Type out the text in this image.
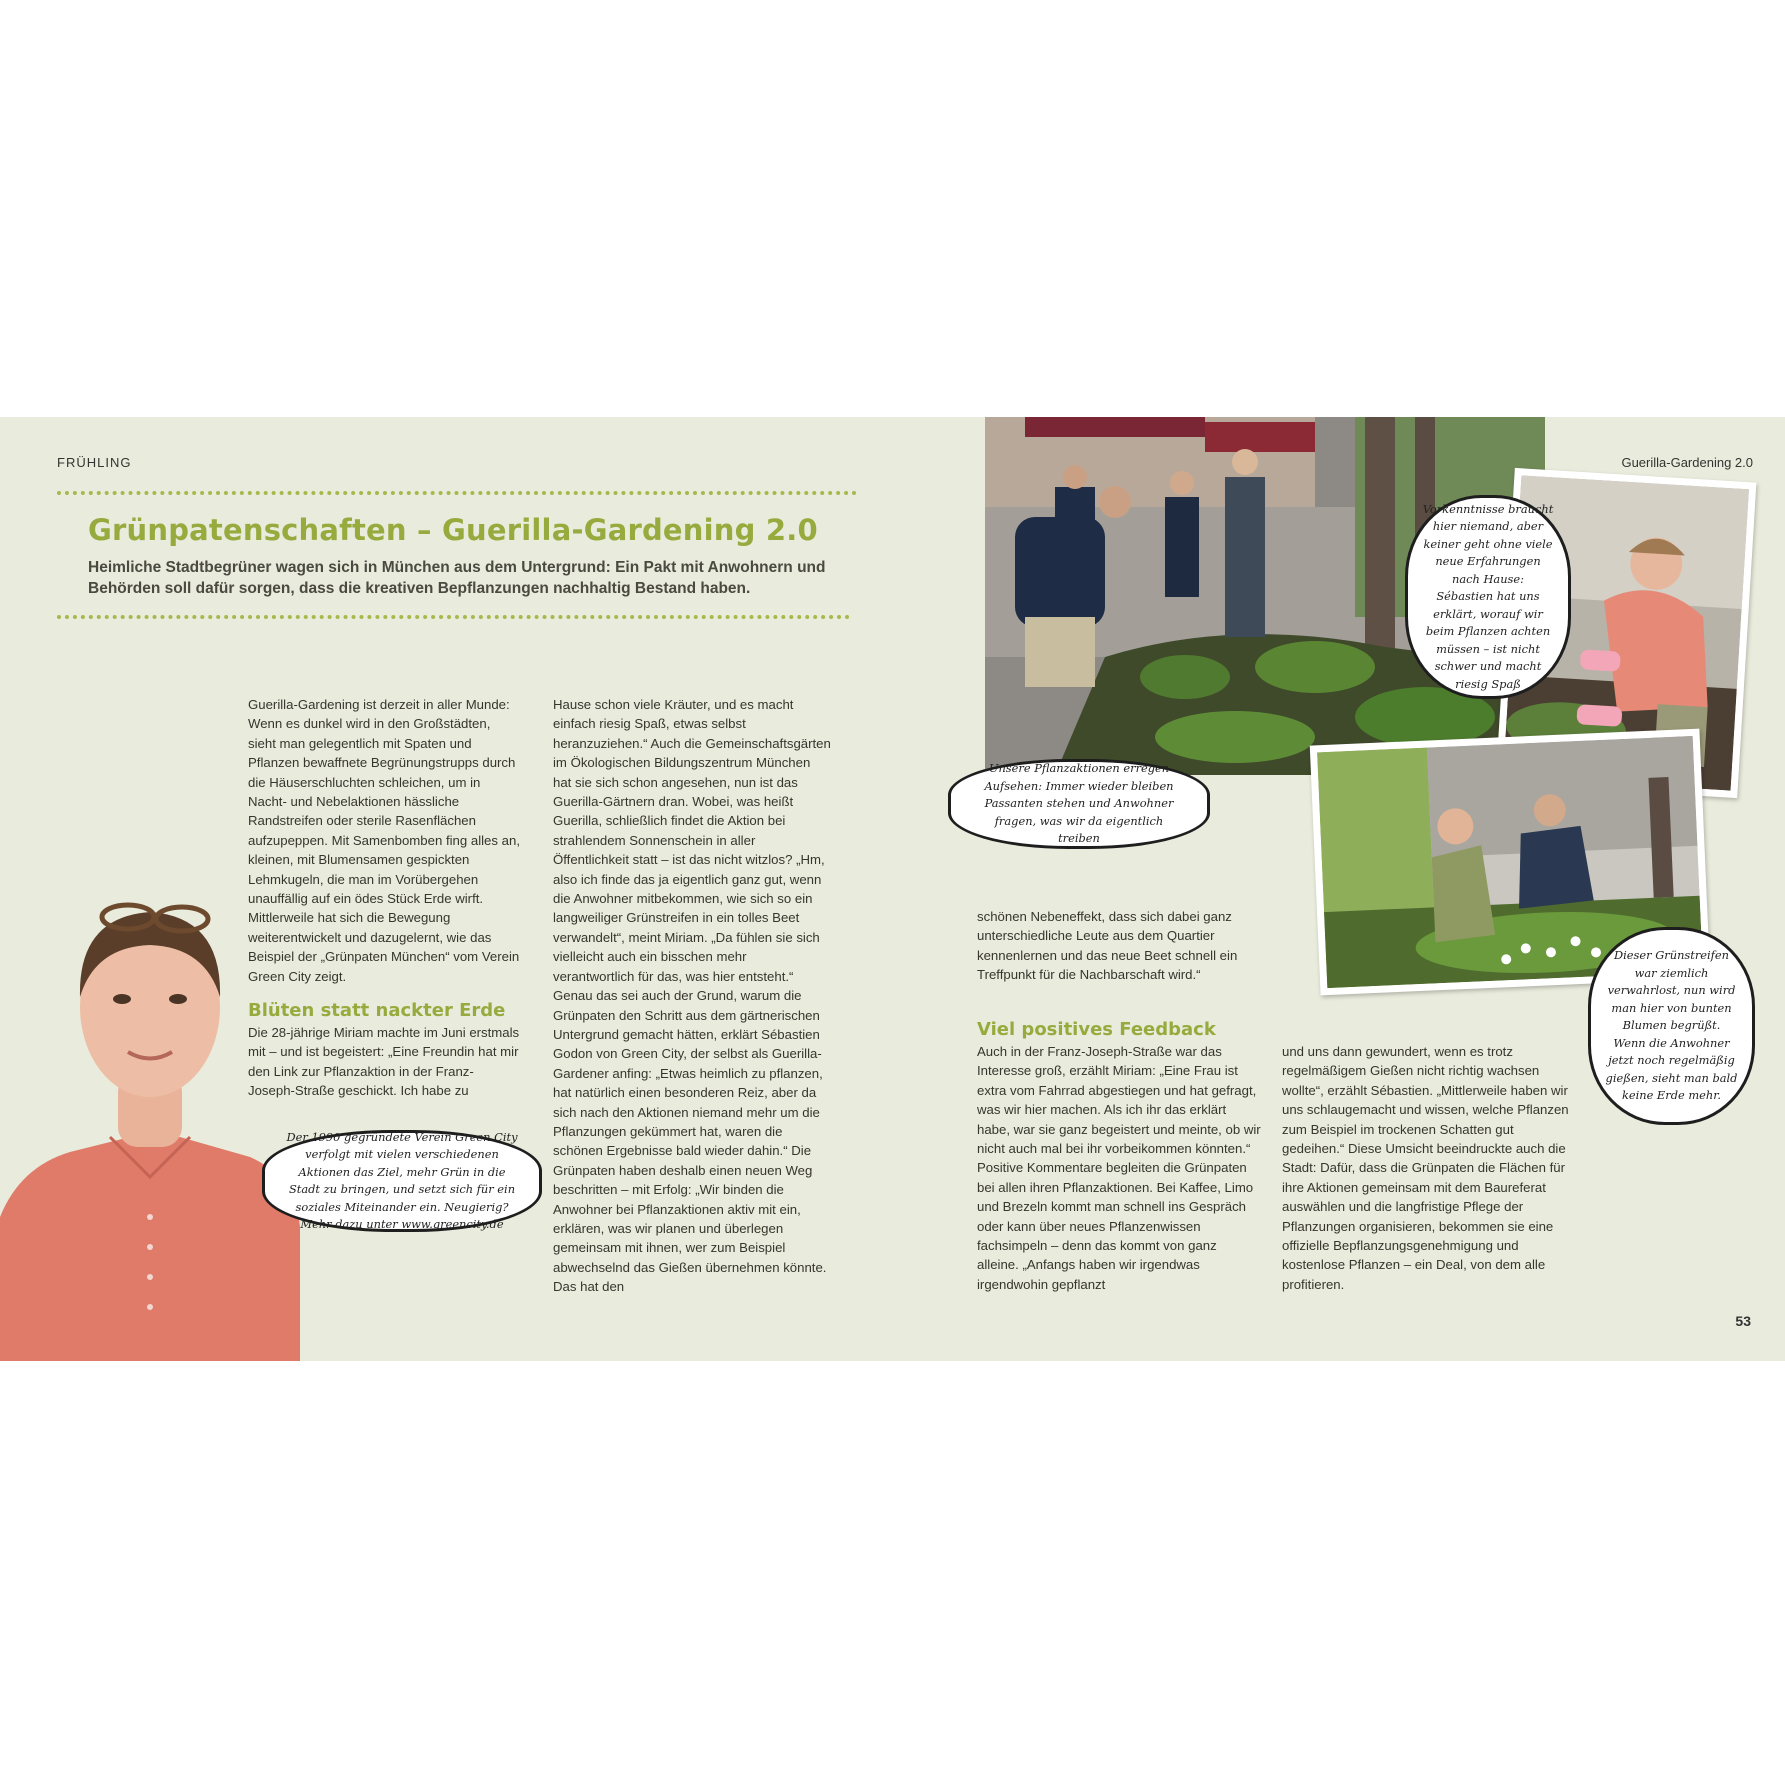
FRÜHLING	Guerilla-Gardening 2.0
Grünpatenschaften – Guerilla-Gardening 2.0
Heimliche Stadtbegrüner wagen sich in München aus dem Untergrund: Ein Pakt mit Anwohnern und Behörden soll dafür sorgen, dass die kreativen Bepflanzungen nachhaltig Bestand haben.

Guerilla-Gardening ist derzeit in aller Munde: Wenn es dunkel wird in den Großstädten, sieht man gelegentlich mit Spaten und Pflanzen bewaffnete Begrünungstrupps durch die Häuserschluchten schleichen, um in Nacht- und Nebelaktionen hässliche Randstreifen oder sterile Rasenflächen aufzupeppen. Mit Samenbomben fing alles an, kleinen, mit Blumensamen gespickten Lehmkugeln, die man im Vorübergehen unauffällig auf ein ödes Stück Erde wirft. Mittlerweile hat sich die Bewegung weiterentwickelt und dazugelernt, wie das Beispiel der „Grünpaten München“ vom Verein Green City zeigt.

Blüten statt nackter Erde

Die 28-jährige Miriam machte im Juni erstmals mit – und ist begeistert: „Eine Freundin hat mir den Link zur Pflanzaktion in der Franz-Joseph-Straße geschickt. Ich habe zu

Hause schon viele Kräuter, und es macht einfach riesig Spaß, etwas selbst heranzuziehen.“ Auch die Gemeinschaftsgärten im Ökologischen Bildungszentrum München hat sie sich schon angesehen, nun ist das Guerilla-Gärtnern dran. Wobei, was heißt Guerilla, schließlich findet die Aktion bei strahlendem Sonnenschein in aller Öffentlichkeit statt – ist das nicht witzlos? „Hm, also ich finde das ja eigentlich ganz gut, wenn die Anwohner mitbekommen, wie sich so ein langweiliger Grünstreifen in ein tolles Beet verwandelt“, meint Miriam. „Da fühlen sie sich vielleicht auch ein bisschen mehr verantwortlich für das, was hier entsteht.“ Genau das sei auch der Grund, warum die Grünpaten den Schritt aus dem gärtnerischen Untergrund gemacht hätten, erklärt Sébastien Godon von Green City, der selbst als Guerilla-Gardener anfing: „Etwas heimlich zu pflanzen, hat natürlich einen besonderen Reiz, aber da sich nach den Aktionen niemand mehr um die Pflanzungen gekümmert hat, waren die schönen Ergebnisse bald wieder dahin.“ Die Grünpaten haben deshalb einen neuen Weg beschritten – mit Erfolg: „Wir binden die Anwohner bei Pflanzaktionen aktiv mit ein, erklären, was wir planen und überlegen gemeinsam mit ihnen, wer zum Beispiel abwechselnd das Gießen übernehmen könnte. Das hat den

schönen Nebeneffekt, dass sich dabei ganz unterschiedliche Leute aus dem Quartier kennenlernen und das neue Beet schnell ein Treffpunkt für die Nachbarschaft wird.“

Viel positives Feedback

Auch in der Franz-Joseph-Straße war das Interesse groß, erzählt Miriam: „Eine Frau ist extra vom Fahrrad abgestiegen und hat gefragt, was wir hier machen. Als ich ihr das erklärt habe, war sie ganz begeistert und meinte, ob wir nicht auch mal bei ihr vorbeikommen könnten.“ Positive Kommentare begleiten die Grünpaten bei allen ihren Pflanzaktionen. Bei Kaffee, Limo und Brezeln kommt man schnell ins Gespräch oder kann über neues Pflanzenwissen fachsimpeln – denn das kommt von ganz alleine. „Anfangs haben wir irgendwas irgendwohin gepflanzt

und uns dann gewundert, wenn es trotz regelmäßigem Gießen nicht richtig wachsen wollte“, erzählt Sébastien. „Mittlerweile haben wir uns schlaugemacht und wissen, welche Pflanzen zum Beispiel im trockenen Schatten gut gedeihen.“ Diese Umsicht beeindruckte auch die Stadt: Dafür, dass die Grünpaten die Flächen für ihre Aktionen gemeinsam mit dem Baureferat auswählen und die langfristige Pflege der Pflanzungen organisieren, bekommen sie eine offizielle Bepflanzungsgenehmigung und kostenlose Pflanzen – ein Deal, von dem alle profitieren.

Der 1990 gegründete Verein Green City verfolgt mit vielen verschiedenen Aktionen das Ziel, mehr Grün in die Stadt zu bringen, und setzt sich für ein soziales Miteinander ein. Neugierig? Mehr dazu unter www.greencity.de
Unsere Pflanzaktionen erregen Aufsehen: Immer wieder bleiben Passanten stehen und Anwohner fragen, was wir da eigentlich treiben
Vorkenntnisse braucht hier niemand, aber keiner geht ohne viele neue Erfahrungen nach Hause: Sébastien hat uns erklärt, worauf wir beim Pflanzen achten müssen – ist nicht schwer und macht riesig Spaß
Dieser Grünstreifen war ziemlich verwahrlost, nun wird man hier von bunten Blumen begrüßt. Wenn die Anwohner jetzt noch regelmäßig gießen, sieht man bald keine Erde mehr.
53
